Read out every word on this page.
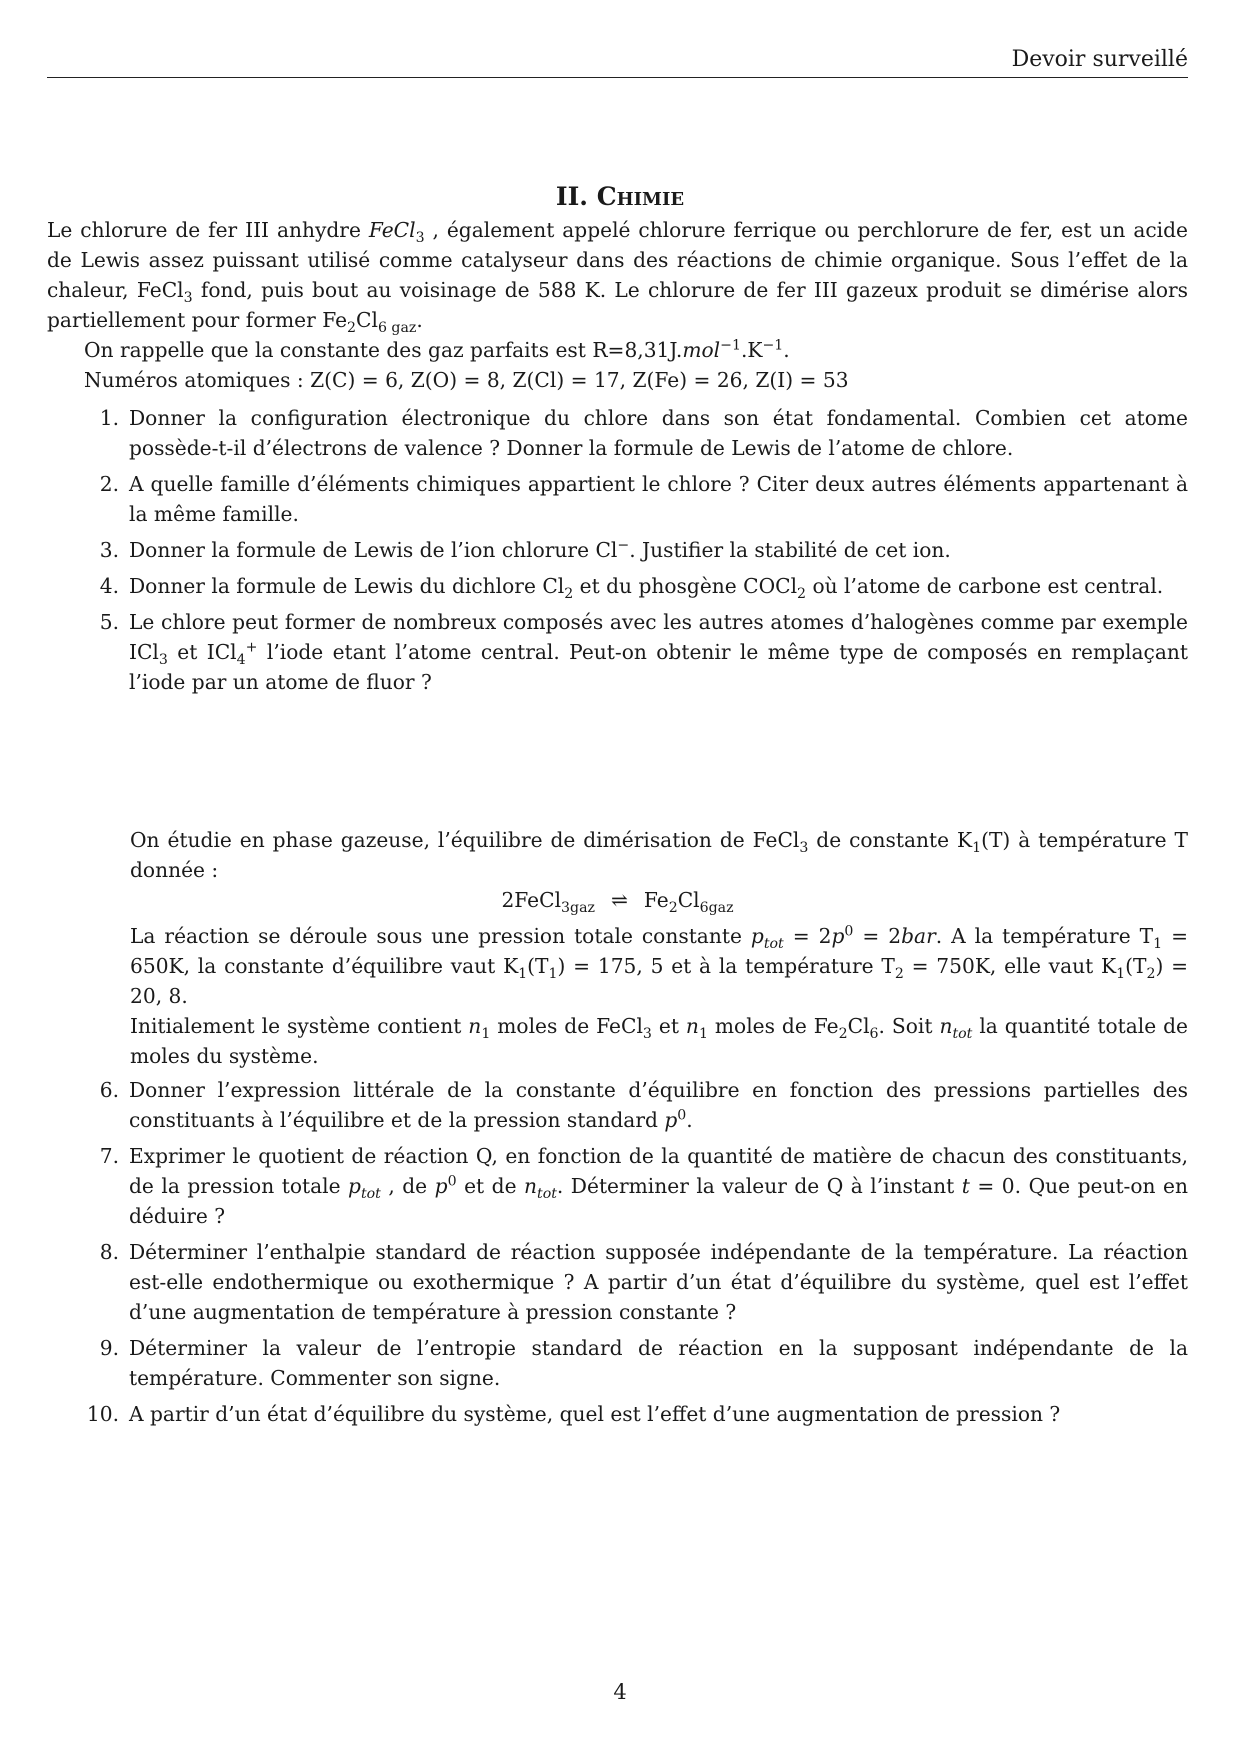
Devoir surveillé
II. Chimie
Le chlorure de fer III anhydre FeCl$_3$ , également appelé chlorure ferrique ou perchlorure de fer, est un acide de Lewis assez puissant utilisé comme catalyseur dans des réactions de chimie organique. Sous l’effet de la chaleur, FeCl$_3$ fond, puis bout au voisinage de 588 K. Le chlorure de fer III gazeux produit se dimérise alors partiellement pour former $Fe_2Cl_{6 gaz}$.
On rappelle que la constante des gaz parfaits est $R=8,31J.mol^{-1}.K^{-1}$.
Numéros atomiques : Z(C) = 6, Z(O) = 8, Z(Cl) = 17, Z(Fe) = 26, Z(I) = 53
1. Donner la configuration électronique du chlore dans son état fondamental. Combien cet atome possède-t-il d’électrons de valence ? Donner la formule de Lewis de l’atome de chlore.
2. A quelle famille d’éléments chimiques appartient le chlore ? Citer deux autres éléments appartenant à la même famille.
3. Donner la formule de Lewis de l’ion chlorure Cl−. Justifier la stabilité de cet ion.
4. Donner la formule de Lewis du dichlore $Cl_2$ et du phosgène COCl$_2$ où l’atome de carbone est central.
5. Le chlore peut former de nombreux composés avec les autres atomes d’halogènes comme par exemple ICl$_3$ et ICl$_4$+ l’iode etant l’atome central. Peut-on obtenir le même type de composés en remplaçant l’iode par un atome de fluor ?
On étudie en phase gazeuse, l’équilibre de dimérisation de FeCl$_3$ de constante $K_1(T)$ à température T donnée :
2FeCl$_{3gaz}$ ⇌ $Fe_2Cl_{6gaz}$
La réaction se déroule sous une pression totale constante $p_{tot} = 2p^0 = 2bar$. A la température $T_1 = 650K$, la constante d’équilibre vaut $K_1(T_1) = 175$, 5 et à la température $T_2 = 750K$, elle vaut $K_1(T_2) = 20$, 8.
Initialement le système contient $n_1$ moles de FeCl$_3$ et $n_1$ moles de $Fe_2Cl_6$. Soit $n_{tot}$ la quantité totale de moles du système.
6. Donner l’expression littérale de la constante d’équilibre en fonction des pressions partielles des constituants à l’équilibre et de la pression standard $p^0$.
7. Exprimer le quotient de réaction Q, en fonction de la quantité de matière de chacun des constituants, de la pression totale $p_{tot}$ , de $p^0$ et de $n_{tot}$. Déterminer la valeur de Q à l’instant t = 0. Que peut-on en déduire ?
8. Déterminer l’enthalpie standard de réaction supposée indépendante de la température. La réaction est-elle endothermique ou exothermique ? A partir d’un état d’équilibre du système, quel est l’effet d’une augmentation de température à pression constante ?
9. Déterminer la valeur de l’entropie standard de réaction en la supposant indépendante de la température. Commenter son signe.
10. A partir d’un état d’équilibre du système, quel est l’effet d’une augmentation de pression ?
4
